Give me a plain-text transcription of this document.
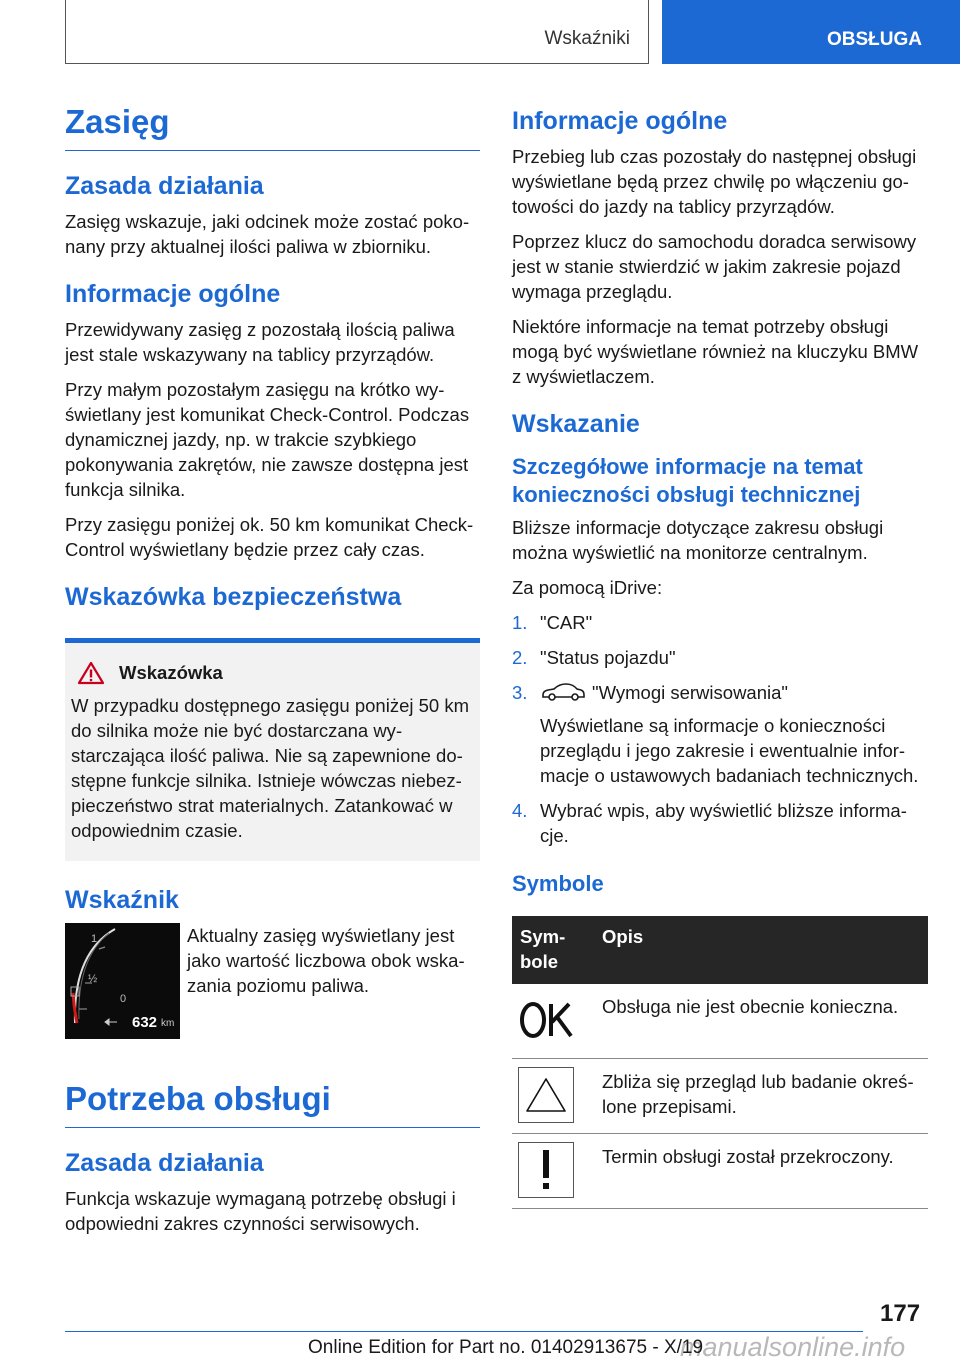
Wskaźniki	OBSŁUGA
Zasięg
Zasada działania

Zasięg wskazuje, jaki odcinek może zostać pokonany przy aktualnej ilości paliwa w zbiorniku.

Informacje ogólne

Przewidywany zasięg z pozostałą ilością paliwa jest stale wskazywany na tablicy przyrządów.

Przy małym pozostałym zasięgu na krótko wyświetlany jest komunikat Check-Control. Podczas dynamicznej jazdy, np. w trakcie szybkiego pokonywania zakrętów, nie zawsze dostępna jest funkcja silnika.

Przy zasięgu poniżej ok. 50 km komunikat Check-Control wyświetlany będzie przez cały czas.

Wskazówka bezpieczeństwa
Wskazówka

W przypadku dostępnego zasięgu poniżej 50 km do silnika może nie być dostarczana wystarczająca ilość paliwa. Nie są zapewnione dostępne funkcje silnika. Istnieje wówczas niebezpieczeństwo strat materialnych. Zatankować w odpowiednim czasie.

Wskaźnik
1
½
0
632 km

Aktualny zasięg wyświetlany jest jako wartość liczbowa obok wskazania poziomu paliwa.

Potrzeba obsługi
Zasada działania

Funkcja wskazuje wymaganą potrzebę obsługi i odpowiedni zakres czynności serwisowych.

Informacje ogólne

Przebieg lub czas pozostały do następnej obsługi wyświetlane będą przez chwilę po włączeniu gotowości do jazdy na tablicy przyrządów.

Poprzez klucz do samochodu doradca serwisowy jest w stanie stwierdzić w jakim zakresie pojazd wymaga przeglądu.

Niektóre informacje na temat potrzeby obsługi mogą być wyświetlane również na kluczyku BMW z wyświetlaczem.

Wskazanie
Szczegółowe informacje na temat konieczności obsługi technicznej

Bliższe informacje dotyczące zakresu obsługi można wyświetlić na monitorze centralnym.

Za pomocą iDrive:

1. "CAR"
2. "Status pojazdu"
3.	"Wymogi serwisowania"
Wyświetlane są informacje o konieczności przeglądu i jego zakresie i ewentualnie informacje o ustawowych badaniach technicznych.
4. Wybrać wpis, aby wyświetlić bliższe informacje.
Symbole
Symbole	Opis

	Obsługa nie jest obecnie konieczna.

	Zbliża się przegląd lub badanie określone przepisami.

	Termin obsługi został przekroczony.
177
manualsonline.info
Online Edition for Part no. 01402913675 - X/19
